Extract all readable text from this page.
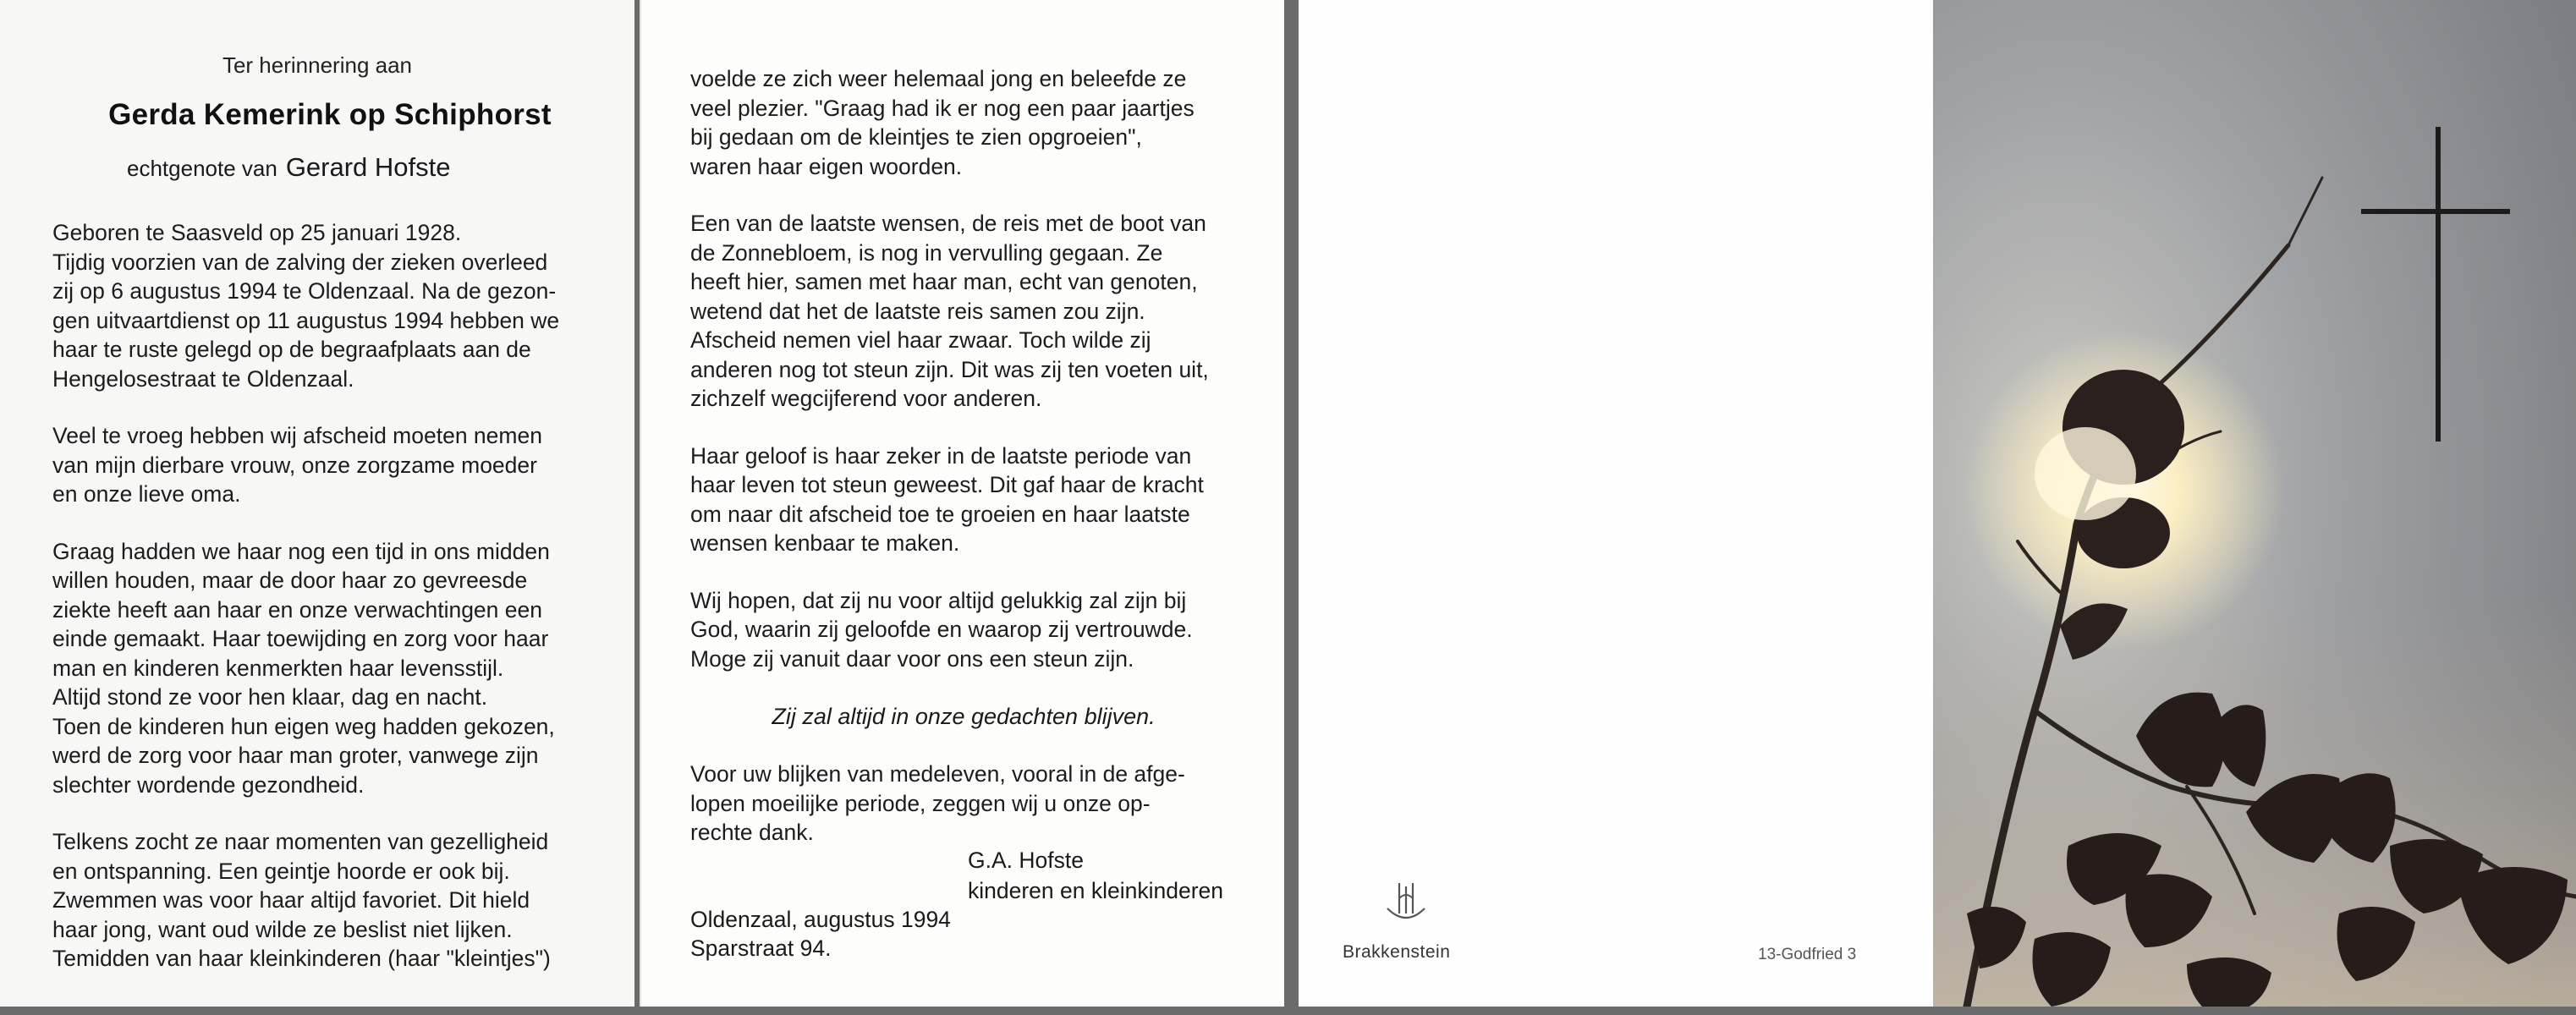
Ter herinnering aan
Gerda Kemerink op Schiphorst
echtgenote van Gerard Hofste

Geboren te Saasveld op 25 januari 1928.
Tijdig voorzien van de zalving der zieken overleed
zij op 6 augustus 1994 te Oldenzaal. Na de gezon-
gen uitvaartdienst op 11 augustus 1994 hebben we
haar te ruste gelegd op de begraafplaats aan de
Hengelosestraat te Oldenzaal.

Veel te vroeg hebben wij afscheid moeten nemen
van mijn dierbare vrouw, onze zorgzame moeder
en onze lieve oma.

Graag hadden we haar nog een tijd in ons midden
willen houden, maar de door haar zo gevreesde
ziekte heeft aan haar en onze verwachtingen een
einde gemaakt. Haar toewijding en zorg voor haar
man en kinderen kenmerkten haar levensstijl.
Altijd stond ze voor hen klaar, dag en nacht.
Toen de kinderen hun eigen weg hadden gekozen,
werd de zorg voor haar man groter, vanwege zijn
slechter wordende gezondheid.

Telkens zocht ze naar momenten van gezelligheid
en ontspanning. Een geintje hoorde er ook bij.
Zwemmen was voor haar altijd favoriet. Dit hield
haar jong, want oud wilde ze beslist niet lijken.
Temidden van haar kleinkinderen (haar "kleintjes")

voelde ze zich weer helemaal jong en beleefde ze
veel plezier. "Graag had ik er nog een paar jaartjes
bij gedaan om de kleintjes te zien opgroeien",
waren haar eigen woorden.

Een van de laatste wensen, de reis met de boot van
de Zonnebloem, is nog in vervulling gegaan. Ze
heeft hier, samen met haar man, echt van genoten,
wetend dat het de laatste reis samen zou zijn.
Afscheid nemen viel haar zwaar. Toch wilde zij
anderen nog tot steun zijn. Dit was zij ten voeten uit,
zichzelf wegcijferend voor anderen.

Haar geloof is haar zeker in de laatste periode van
haar leven tot steun geweest. Dit gaf haar de kracht
om naar dit afscheid toe te groeien en haar laatste
wensen kenbaar te maken.

Wij hopen, dat zij nu voor altijd gelukkig zal zijn bij
God, waarin zij geloofde en waarop zij vertrouwde.
Moge zij vanuit daar voor ons een steun zijn.

Zij zal altijd in onze gedachten blijven.

Voor uw blijken van medeleven, vooral in de afge-
lopen moeilijke periode, zeggen wij u onze op-
rechte dank.

G.A. Hofste
kinderen en kleinkinderen
Oldenzaal, augustus 1994
Sparstraat 94.	Brakkenstein	13-Godfried 3
